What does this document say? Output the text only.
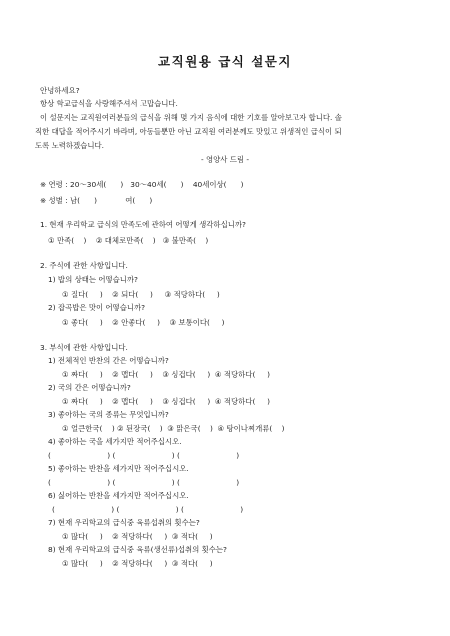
교직원용 급식 설문지
안녕하세요?
항상 학교급식을 사랑해주셔서 고맙습니다.
이 설문지는 교직원여러분들의 급식을 위해 몇 가지 음식에 대한 기호를 알아보고자 합니다. 솔
직한 대답을 적어주시기 바라며, 아동들뿐만 아닌 교직원 여러분께도 맛있고 위생적인 급식이 되
도록 노력하겠습니다.
- 영양사 드림 -
※ 연령 : 20～30세(      )   30～40세(      )    40세이상(      )
※ 성별 : 남(      )            여(      )
1. 현재 우리학교 급식의 만족도에 관하여 어떻게 생각하십니까?
① 만족(    )    ② 대체로만족(    )   ③ 불만족(    )
2. 주식에 관한 사항입니다.
1) 밥의 상태는 어떻습니까?
① 질다(     )    ② 되다(     )     ③ 적당하다(     )
2) 잡곡밥은 맛이 어떻습니까?
① 좋다(     )    ② 안좋다(     )    ③ 보통이다(     )
3. 부식에 관한 사항입니다.
1) 전체적인 반찬의 간은 어떻습니까?
① 짜다(     )    ② 맵다(     )    ③ 싱겁다(     )  ④ 적당하다(     )
2) 국의 간은 어떻습니까?
① 짜다(     )    ② 맵다(     )    ③ 싱겁다(     )  ④ 적당하다(     )
3) 좋아하는 국의 종류는 무엇입니까?
① 얼큰한국(    ) ② 된장국(    )  ③ 맑은국(    )  ④ 탕이나찌개류(    )
4) 좋아하는 국을 세가지만 적어주십시오.
(                        ) (                        ) (                        )
5) 좋아하는 반찬을 세가지만 적어주십시오.
(                        ) (                        ) (                        )
6) 싫어하는 반찬을 세가지만 적어주십시오.
(                        ) (                        ) (                        )
7) 현재 우리학교의 급식중 육류섭취의 횟수는?
① 많다(     )    ② 적당하다(     )  ③ 적다(     )
8) 현재 우리학교의 급식중 육류(생선류)섭취의 횟수는?
① 많다(     )    ② 적당하다(     )  ③ 적다(     )
